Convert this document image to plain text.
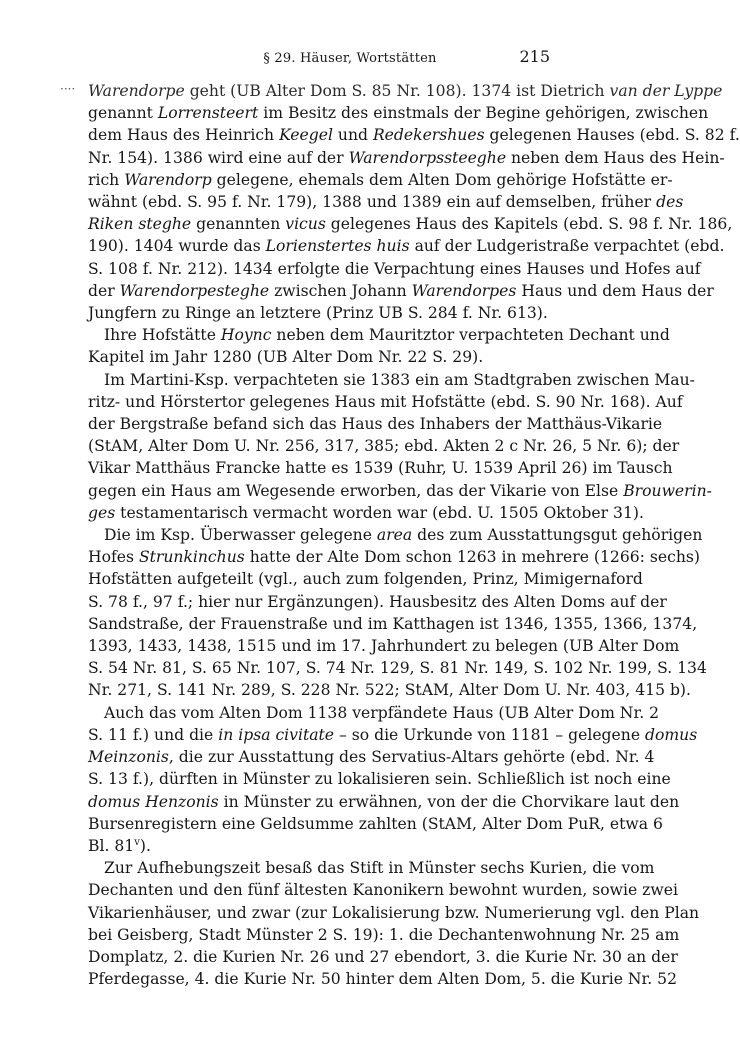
§ 29. Häuser, Wortstätten	215
Warendorpe geht (UB Alter Dom S. 85 Nr. 108). 1374 ist Dietrich van der Lyppe
····
genannt Lorrensteert im Besitz des einstmals der Begine gehörigen, zwischen
dem Haus des Heinrich Keegel und Redekershues gelegenen Hauses (ebd. S. 82 f.
Nr. 154). 1386 wird eine auf der Warendorpssteeghe neben dem Haus des Hein-
rich Warendorp gelegene, ehemals dem Alten Dom gehörige Hofstätte er-
wähnt (ebd. S. 95 f. Nr. 179), 1388 und 1389 ein auf demselben, früher des
Riken steghe genannten vicus gelegenes Haus des Kapitels (ebd. S. 98 f. Nr. 186,
190). 1404 wurde das Lorienstertes huis auf der Ludgeristraße verpachtet (ebd.
S. 108 f. Nr. 212). 1434 erfolgte die Verpachtung eines Hauses und Hofes auf
der Warendorpesteghe zwischen Johann Warendorpes Haus und dem Haus der
Jungfern zu Ringe an letztere (Prinz UB S. 284 f. Nr. 613).
Ihre Hofstätte Hoync neben dem Mauritztor verpachteten Dechant und
Kapitel im Jahr 1280 (UB Alter Dom Nr. 22 S. 29).
Im Martini-Ksp. verpachteten sie 1383 ein am Stadtgraben zwischen Mau-
ritz- und Hörstertor gelegenes Haus mit Hofstätte (ebd. S. 90 Nr. 168). Auf
der Bergstraße befand sich das Haus des Inhabers der Matthäus-Vikarie
(StAM, Alter Dom U. Nr. 256, 317, 385; ebd. Akten 2 c Nr. 26, 5 Nr. 6); der
Vikar Matthäus Francke hatte es 1539 (Ruhr, U. 1539 April 26) im Tausch
gegen ein Haus am Wegesende erworben, das der Vikarie von Else Brouwerin-
ges testamentarisch vermacht worden war (ebd. U. 1505 Oktober 31).
Die im Ksp. Überwasser gelegene area des zum Ausstattungsgut gehörigen
Hofes Strunkinchus hatte der Alte Dom schon 1263 in mehrere (1266: sechs)
Hofstätten aufgeteilt (vgl., auch zum folgenden, Prinz, Mimigernaford
S. 78 f., 97 f.; hier nur Ergänzungen). Hausbesitz des Alten Doms auf der
Sandstraße, der Frauenstraße und im Katthagen ist 1346, 1355, 1366, 1374,
1393, 1433, 1438, 1515 und im 17. Jahrhundert zu belegen (UB Alter Dom
S. 54 Nr. 81, S. 65 Nr. 107, S. 74 Nr. 129, S. 81 Nr. 149, S. 102 Nr. 199, S. 134
Nr. 271, S. 141 Nr. 289, S. 228 Nr. 522; StAM, Alter Dom U. Nr. 403, 415 b).
Auch das vom Alten Dom 1138 verpfändete Haus (UB Alter Dom Nr. 2
S. 11 f.) und die in ipsa civitate – so die Urkunde von 1181 – gelegene domus
Meinzonis, die zur Ausstattung des Servatius-Altars gehörte (ebd. Nr. 4
S. 13 f.), dürften in Münster zu lokalisieren sein. Schließlich ist noch eine
domus Henzonis in Münster zu erwähnen, von der die Chorvikare laut den
Bursenregistern eine Geldsumme zahlten (StAM, Alter Dom PuR, etwa 6
Bl. 81$^v$).
Zur Aufhebungszeit besaß das Stift in Münster sechs Kurien, die vom
Dechanten und den fünf ältesten Kanonikern bewohnt wurden, sowie zwei
Vikarienhäuser, und zwar (zur Lokalisierung bzw. Numerierung vgl. den Plan
bei Geisberg, Stadt Münster 2 S. 19): 1. die Dechantenwohnung Nr. 25 am
Domplatz, 2. die Kurien Nr. 26 und 27 ebendort, 3. die Kurie Nr. 30 an der
Pferdegasse, 4. die Kurie Nr. 50 hinter dem Alten Dom, 5. die Kurie Nr. 52
